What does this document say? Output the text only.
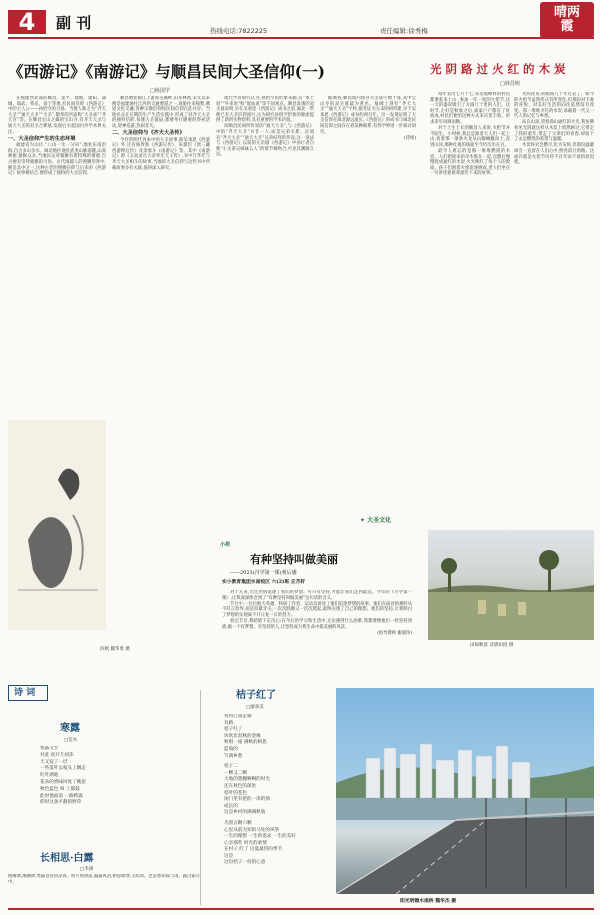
4	副 刊	热线电话:7822225	责任编辑:徐秀梅
晴两霞
《西游记》《南游记》与顺昌民间大圣信仰(一)
□杨国学

在福建西北部的顺昌、延平、建瓯、建阳、浦城、邵武、将乐、泰宁等地,有民间信仰《西游记》中的主人公——孙悟空的习俗。当地人称之为“齐天大圣”“通天大圣”“大圣”,敬奉的宫庙称“大圣庙”“齐天宫”等。在顺昌宝山之巅的宝山寺,有齐天大圣与通天大圣的双圣合葬墓,发现后引起国内外学术界关注。

一、大圣信仰产生的生态环境

福建省为山区,“八山一水一分田”,地处东南沿海,自古多山多水。闽北地区地处武夷山脉南麓,山高林密,猿猴众多,当地民众对猿猴有着特殊的情感,自古便有崇拜猿猴的习俗。古代闽越人的图腾崇拜中,猴是其中之一,这种古老的图腾信仰与后来的《西游记》故事相结合,便形成了独特的大圣信仰。

顺昌地处闽江上游富屯溪畔,山多林密,宋元以来便是福建通往江西的交通要道之一,商旅往来频繁,佛道文化交融,各种宗教信仰和民间信仰在此并存。当地民众在长期的生产生活实践中,形成了对齐天大圣的独特信仰,每逢大圣诞辰,都要举行隆重的祭祀活动,迎神巡游,热闹非凡。

二、大圣信仰与《齐天大圣传》

今存的明代刊本中的大圣故事,除吴承恩《西游记》外,还有杨致和《西游记传》、朱鼎臣《唐三藏西游释厄传》及余象斗《南游记》等。其中《南游记》即《五显灵官大帝华光天王传》,书中写华光与齐天大圣相斗的故事,当地的大圣信仰与这些书中所载故事多有关联,值得深入研究。

现代学者研究认为,孙悟空的形象来源,有“本土说”“外来说”和“混血说”等不同观点。顺昌发现的双圣墓表明,早在吴承恩《西游记》成书之前,闽北一带便已有大圣信仰流行,这为研究孙悟空形象的源流提供了新的实物资料,具有重要的学术价值。

而顺昌民间所传说的“通天大圣”,与《西游记》中的“齐天大圣”并非一人,而是兄弟关系。民间有“齐天大圣”“通天大圣”兄弟结拜的传说,这一说法与《西游记》以前的元杂剧《西游记》中孙行者自称“小圣弟兄姊妹五人”的情节相吻合,可见其渊源久远。

据调查,顺昌境内现存大圣庙宇数十座,其中宝山寺的双圣墓最为著名。墓碑上刻有“齐天大圣”“通天大圣”字样,据考证为元末明初所建,早于吴承恩《西游记》成书约两百年。这一发现证明了大圣信仰在闽北源远流长,《西游记》的成书与闽北民间信仰之间存在着某种联系,有待学界进一步探讨研究。

(待续)

滨秋 魏华勇 摄
✦ 大圣文化
小荷
有种坚持叫做美丽
——2023(丹学第一课)观后感
实小教育集团水南校区 六(2)班 丘齐轩

对于几来,光凭热情追逐了我们的梦想。可只有坚持,才能让我们走到最远。今年的《开学第一课》,让我深深体会到了“有种坚持叫做美丽”这句话的含义。

节目中,一位位航天英雄、科研工作者、运动员讲述了他们追逐梦想的故事。他们在面对困难时从不轻言放弃,而是咬紧牙关,一次次跌倒又一次次爬起,最终实现了自己的理想。他们的坚持,让我明白了梦想的实现离不开日复一日的努力。

看完节目,我暗暗下定决心:在今后的学习和生活中,无论遇到什么困难,我都要像他们一样坚持到底,做一个有梦想、有坚持的人,让坚持成为我生命中最美丽的风景。

(指导教师 谢淑珍)

光 阴 路 过 火 红 的 木 炭
□林昌明

每年农历七月十七,邻近福峰村的村民都要赶来上山 ,参加一年一度的火把节,这一天的盛况吸引了方圆几十里的人们。这时节,正好是秋收之后,家家户户都有了好收成,村民们便用这种方式来庆贺丰收、祈求来年风调雨顺。

对于土生土长的顺昌人来说,火把节并不陌生。小时候,我总是跟着大人们一起上山,看着那一条条火龙从山脚蜿蜒而上,直到山顶,那种壮观的场面至今仍历历在目。

最令人难忘的是那一堆堆燃烧的木炭。人们把砍来的杂木堆在一起,点燃后慢慢烧成通红的木炭,火光映红了每个人的脸庞。孩子们围着火堆追逐嬉戏,老人们坐在一旁讲述着祖辈流传下来的故事。

光阴荏苒,转眼间几十年过去了。如今的火把节虽然形式有所变化,但那份对丰收的喜悦、对美好生活的向往依然没有改变。那一堆堆火红的木炭,承载着一代又一代人的记忆与乡愁。

站在山顶,望着满山通红的火光,我仿佛看见光阴就这样从木炭上悄然路过,它带走了我的童年,带走了父辈们的青春,却留下了永远燃烧的希望与温暖。

木炭终究会燃尽,化为灰烬,但那份温暖却会一直留在人们心中,照亮前行的路。这或许就是火把节历经千百年而不衰的原因吧。

田间秋景 诗酒田园 摄
诗 词
寒露
□荒木
寒露又至
对此 夜开几初冻
天又寂了一层
一些落叶以枝头上飘走
红叶满地
花朵的香味回复了她思
秋色蓝色 叫 上都鼓
此时他面前 一路秋露
仰时这条平静的野草
长相思·白露
□李满
他缘渗,湘湘渗,寒露苍苍清凉夜。明月照窗前,露露风清,相思如缕,又绍知。老去寒知孤与雨。露白霜月中。
桔子红了
□廖承美
我将江南走廊
有路
桔子红了
风吹比双秋的金缘
秋唱一座 满秋的相思
蓝染的
写满乡愁
桔子二
一颗又二颗
大地的想翻啊啊的时光
还在秋色的深处
桔叶的苍色
闲门里有把的一串的情
成长的
这是乡村的满满秋收
乌黑五颗六颗
心里从前为知的马处的风筝
一生的理想 一生的追求 一生的美好
心亲那些 时光的柔情
在村子,红了 这夏最热的季节
这是
这份桔子一份的心意
阳光明媚水南桥 魏华杰 摄
